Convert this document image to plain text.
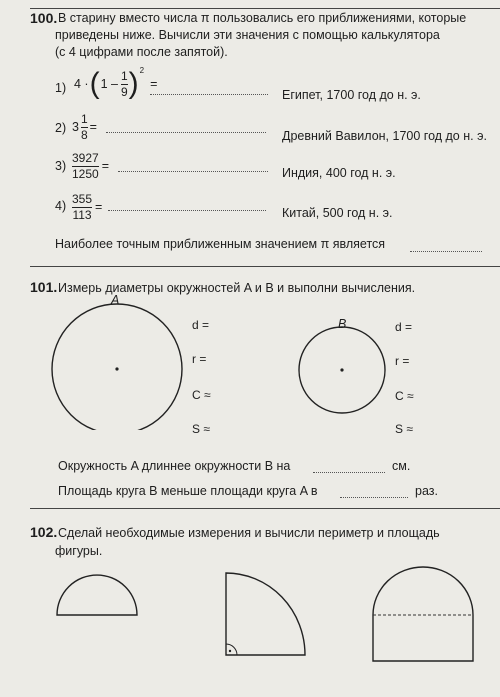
100. В старину вместо числа π пользовались его приближениями, которые
приведены ниже. Вычисли эти значения с помощью калькулятора
(с 4 цифрами после запятой).
1) 4 · ( $1 - \frac{1}{9}$ ) 2
=
Египет, 1700 год до н. э.
2) $3 \frac{1}{8}$ =
Древний Вавилон, 1700 год до н. э.
$3) \frac{3927}{1250}$ =	Индия, 400 год н. э.
$4) \frac{355}{113}$ =	Китай, 500 год н. э.
Наиболее точным приближенным значением π является
101. Измерь диаметры окружностей A и B и выполни вычисления.
A
B
d =
r =
C ≈
S ≈
d =
r =
C ≈
S ≈
Окружность A длиннее окружности B на	см.
Площадь круга B меньше площади круга A в	раз.
102. Сделай необходимые измерения и вычисли периметр и площадь
фигуры.
